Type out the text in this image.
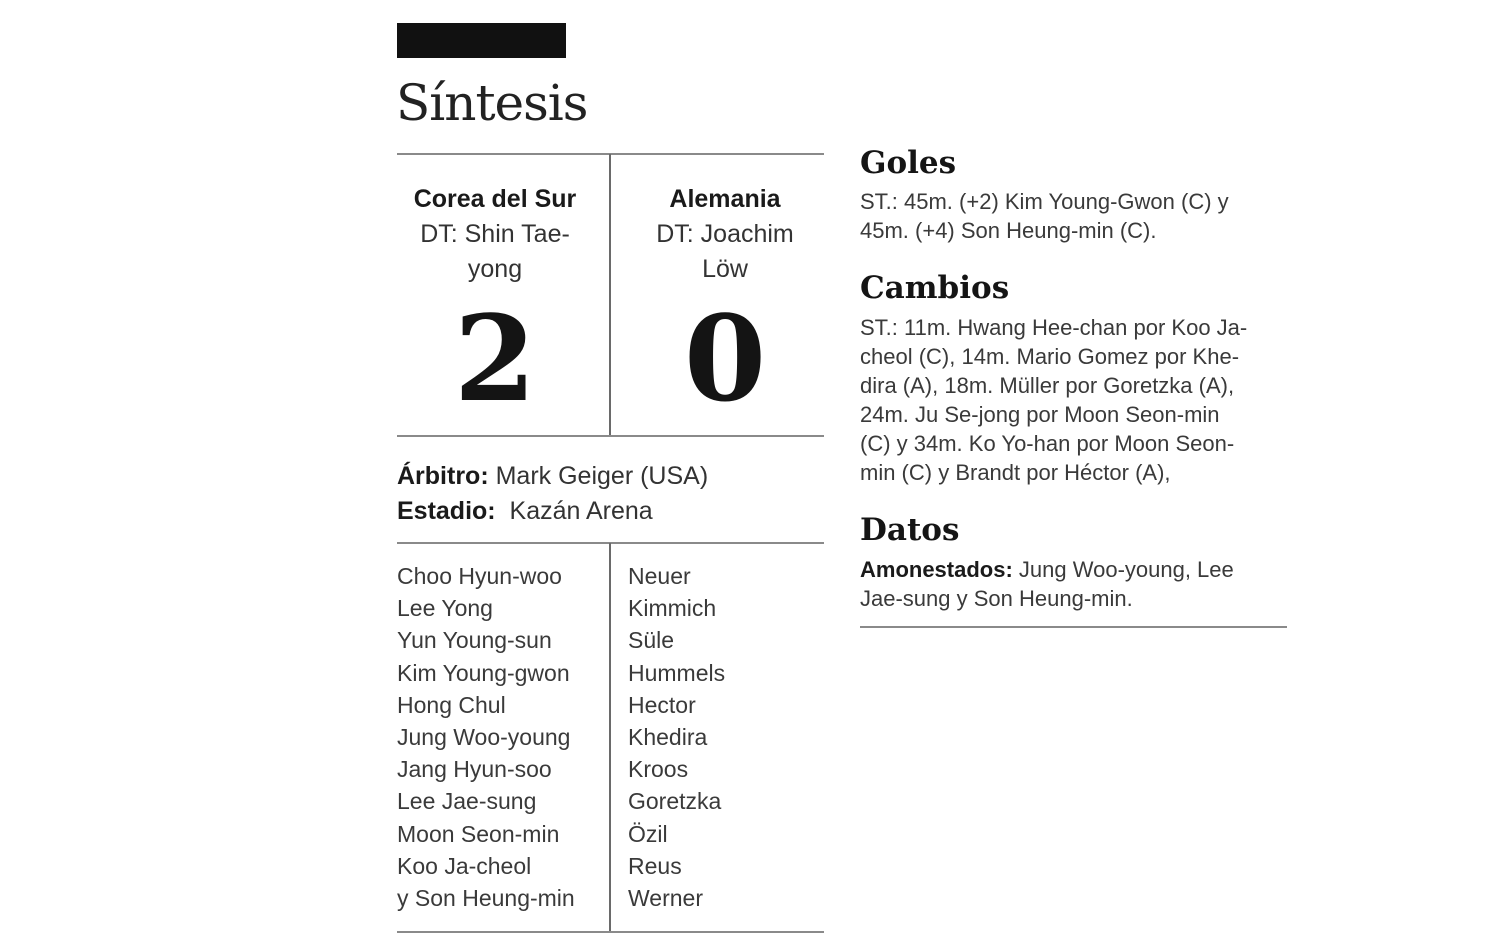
Síntesis
Corea del Sur
DT: Shin Tae-
yong
2
Alemania
DT: Joachim
Löw
0
Árbitro: Mark Geiger (USA)
Estadio: Kazán Arena
Choo Hyun-woo
Lee Yong
Yun Young-sun
Kim Young-gwon
Hong Chul
Jung Woo-young
Jang Hyun-soo
Lee Jae-sung
Moon Seon-min
Koo Ja-cheol
y Son Heung-min
Neuer
Kimmich
Süle
Hummels
Hector
Khedira
Kroos
Goretzka
Özil
Reus
Werner
Goles
ST.: 45m. (+2) Kim Young-Gwon (C) y
45m. (+4) Son Heung-min (C).
Cambios
ST.: 11m. Hwang Hee-chan por Koo Ja-
cheol (C), 14m. Mario Gomez por Khe-
dira (A), 18m. Müller por Goretzka (A),
24m. Ju Se-jong por Moon Seon-min
(C) y 34m. Ko Yo-han por Moon Seon-
min (C) y Brandt por Héctor (A),
Datos
Amonestados: Jung Woo-young, Lee
Jae-sung y Son Heung-min.
